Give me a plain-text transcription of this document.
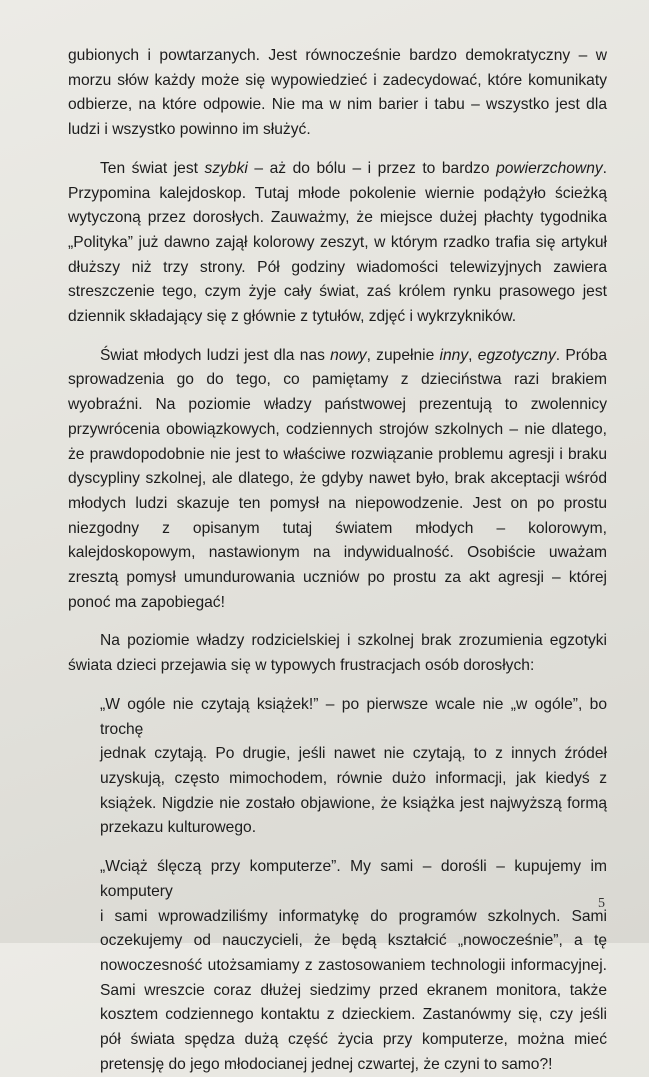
gubionych i powtarzanych. Jest równocześnie bardzo demokratyczny – w morzu słów każdy może się wypowiedzieć i zadecydować, które komunikaty odbierze, na które odpowie. Nie ma w nim barier i tabu – wszystko jest dla ludzi i wszystko powinno im służyć.

Ten świat jest szybki – aż do bólu – i przez to bardzo powierzchowny. Przypomina kalejdoskop. Tutaj młode pokolenie wiernie podążyło ścieżką wytyczoną przez dorosłych. Zauważmy, że miejsce dużej płachty tygodnika „Polityka” już dawno zajął kolorowy zeszyt, w którym rzadko trafia się artykuł dłuższy niż trzy strony. Pół godziny wiadomości telewizyjnych zawiera streszczenie tego, czym żyje cały świat, zaś królem rynku prasowego jest dziennik składający się z głównie z tytułów, zdjęć i wykrzykników.

Świat młodych ludzi jest dla nas nowy, zupełnie inny, egzotyczny. Próba sprowadzenia go do tego, co pamiętamy z dzieciństwa razi brakiem wyobraźni. Na poziomie władzy państwowej prezentują to zwolennicy przywrócenia obowiązkowych, codziennych strojów szkolnych – nie dlatego, że prawdopodobnie nie jest to właściwe rozwiązanie problemu agresji i braku dyscypliny szkolnej, ale dlatego, że gdyby nawet było, brak akceptacji wśród młodych ludzi skazuje ten pomysł na niepowodzenie. Jest on po prostu niezgodny z opisanym tutaj światem młodych – kolorowym, kalejdoskopowym, nastawionym na indywidualność. Osobiście uważam zresztą pomysł umundurowania uczniów po prostu za akt agresji – której ponoć ma zapobiegać!

Na poziomie władzy rodzicielskiej i szkolnej brak zrozumienia egzotyki świata dzieci przejawia się w typowych frustracjach osób dorosłych:

„W ogóle nie czytają książek!” – po pierwsze wcale nie „w ogóle”, bo trochę
jednak czytają. Po drugie, jeśli nawet nie czytają, to z innych źródeł uzyskują, często mimochodem, równie dużo informacji, jak kiedyś z książek. Nigdzie nie zostało objawione, że książka jest najwyższą formą przekazu kulturowego.

„Wciąż ślęczą przy komputerze”. My sami – dorośli – kupujemy im komputery
i sami wprowadziliśmy informatykę do programów szkolnych. Sami oczekujemy od nauczycieli, że będą kształcić „nowocześnie”, a tę nowoczesność utożsamiamy z zastosowaniem technologii informacyjnej. Sami wreszcie coraz dłużej siedzimy przed ekranem monitora, także kosztem codziennego kontaktu z dzieckiem. Zastanówmy się, czy jeśli pół świata spędza dużą część życia przy komputerze, można mieć pretensję do jego młodocianej jednej czwartej, że czyni to samo?!

5
